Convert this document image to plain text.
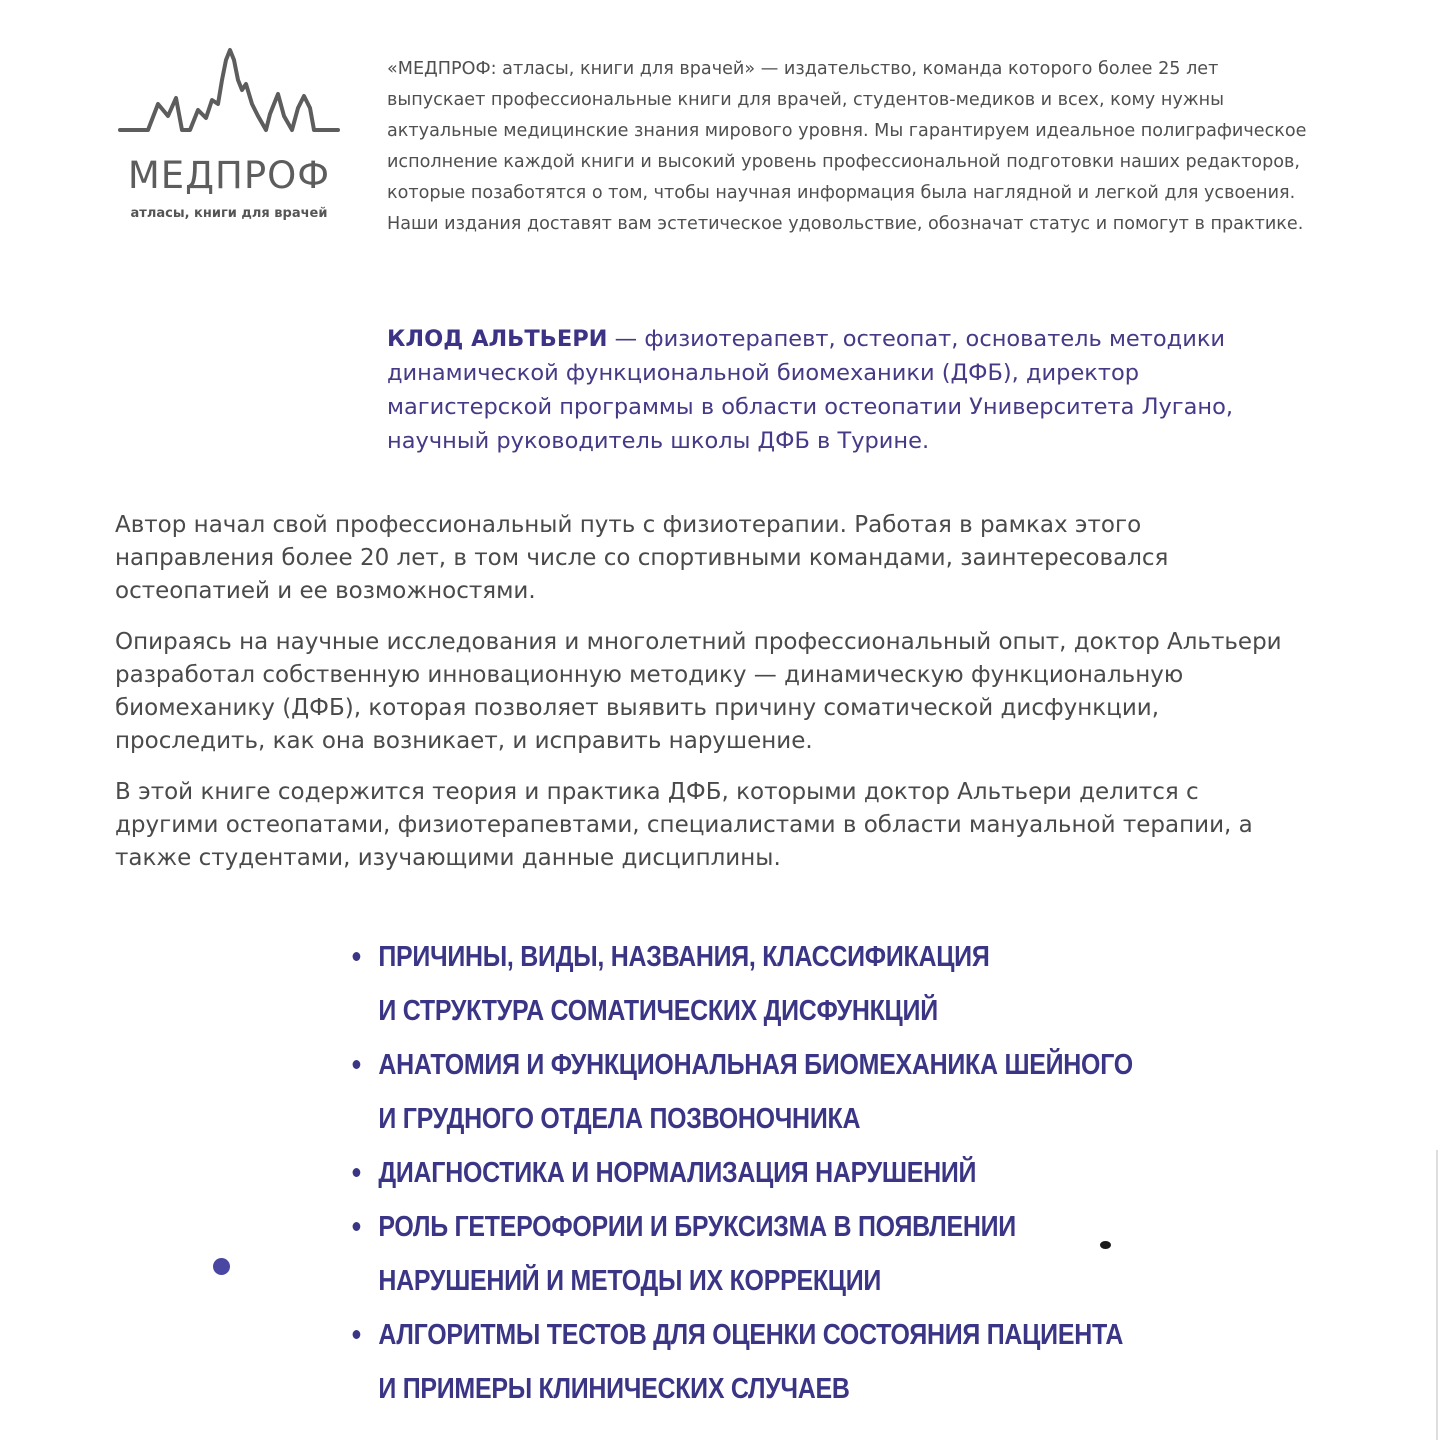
МЕДПРОФ
атласы, книги для врачей

«МЕДПРОФ: атласы, книги для врачей» — издательство, команда которого более 25 лет выпускает профессиональные книги для врачей, студентов-медиков и всех, кому нужны актуальные медицинские знания мирового уровня. Мы гарантируем идеальное полиграфическое исполнение каждой книги и высокий уровень профессиональной подготовки наших редакторов, которые позаботятся о том, чтобы научная информация была наглядной и легкой для усвоения. Наши издания доставят вам эстетическое удовольствие, обозначат статус и помогут в практике.

КЛОД АЛЬТЬЕРИ — физиотерапевт, остеопат, основатель методики динамической функциональной биомеханики (ДФБ), директор магистерской программы в области остеопатии Университета Лугано, научный руководитель школы ДФБ в Турине.

Автор начал свой профессиональный путь с физиотерапии. Работая в рамках этого направления более 20 лет, в том числе со спортивными командами, заинтересовался остеопатией и ее возможностями.

Опираясь на научные исследования и многолетний профессиональный опыт, доктор Альтьери разработал собственную инновационную методику — динамическую функциональную биомеханику (ДФБ), которая позволяет выявить причину соматической дисфункции, проследить, как она возникает, и исправить нарушение.

В этой книге содержится теория и практика ДФБ, которыми доктор Альтьери делится с другими остеопатами, физиотерапевтами, специалистами в области мануальной терапии, а также студентами, изучающими данные дисциплины.

ПРИЧИНЫ, ВИДЫ, НАЗВАНИЯ, КЛАССИФИКАЦИЯ
И СТРУКТУРА СОМАТИЧЕСКИХ ДИСФУНКЦИЙ
АНАТОМИЯ И ФУНКЦИОНАЛЬНАЯ БИОМЕХАНИКА ШЕЙНОГО
И ГРУДНОГО ОТДЕЛА ПОЗВОНОЧНИКА
ДИАГНОСТИКА И НОРМАЛИЗАЦИЯ НАРУШЕНИЙ
РОЛЬ ГЕТЕРОФОРИИ И БРУКСИЗМА В ПОЯВЛЕНИИ
НАРУШЕНИЙ И МЕТОДЫ ИХ КОРРЕКЦИИ
АЛГОРИТМЫ ТЕСТОВ ДЛЯ ОЦЕНКИ СОСТОЯНИЯ ПАЦИЕНТА
И ПРИМЕРЫ КЛИНИЧЕСКИХ СЛУЧАЕВ
